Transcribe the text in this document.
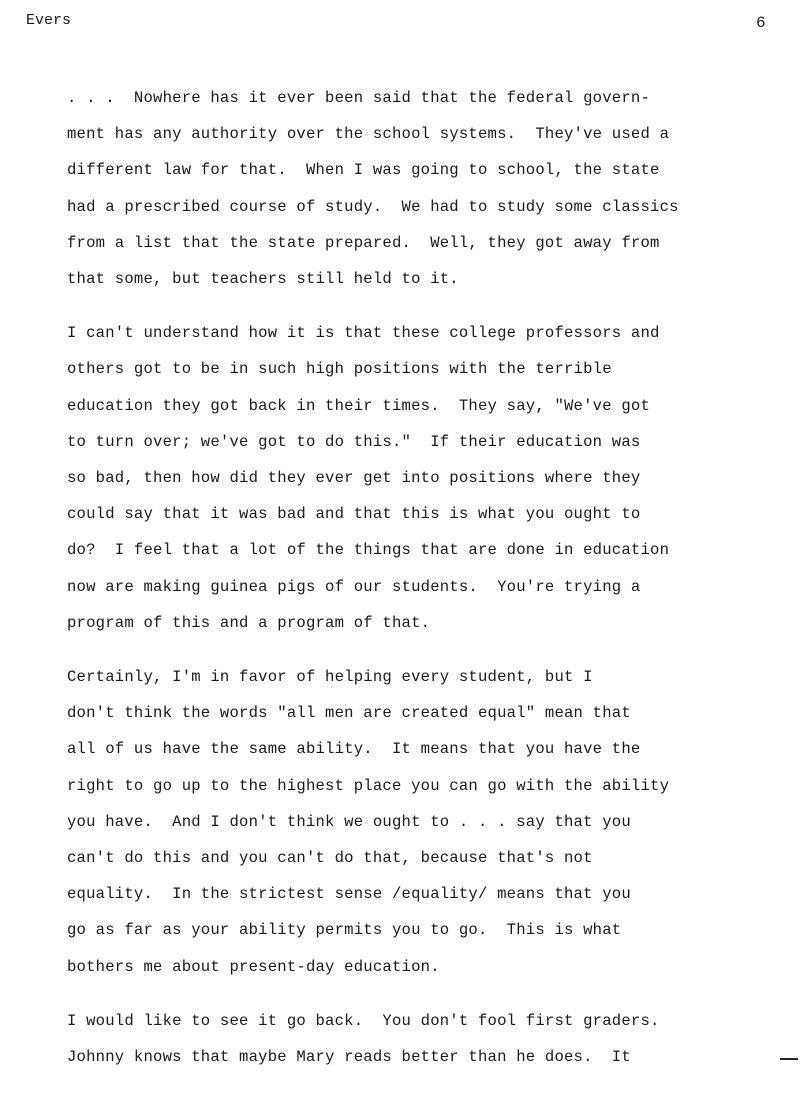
Evers	6

. . .  Nowhere has it ever been said that the federal govern-
ment has any authority over the school systems.  They've used a
different law for that.  When I was going to school, the state
had a prescribed course of study.  We had to study some classics
from a list that the state prepared.  Well, they got away from
that some, but teachers still held to it.

I can't understand how it is that these college professors and
others got to be in such high positions with the terrible
education they got back in their times.  They say, "We've got
to turn over; we've got to do this."  If their education was
so bad, then how did they ever get into positions where they
could say that it was bad and that this is what you ought to
do?  I feel that a lot of the things that are done in education
now are making guinea pigs of our students.  You're trying a
program of this and a program of that.

Certainly, I'm in favor of helping every student, but I
don't think the words "all men are created equal" mean that
all of us have the same ability.  It means that you have the
right to go up to the highest place you can go with the ability
you have.  And I don't think we ought to . . . say that you
can't do this and you can't do that, because that's not
equality.  In the strictest sense /equality/ means that you
go as far as your ability permits you to go.  This is what
bothers me about present-day education.

I would like to see it go back.  You don't fool first graders.
Johnny knows that maybe Mary reads better than he does.  It
